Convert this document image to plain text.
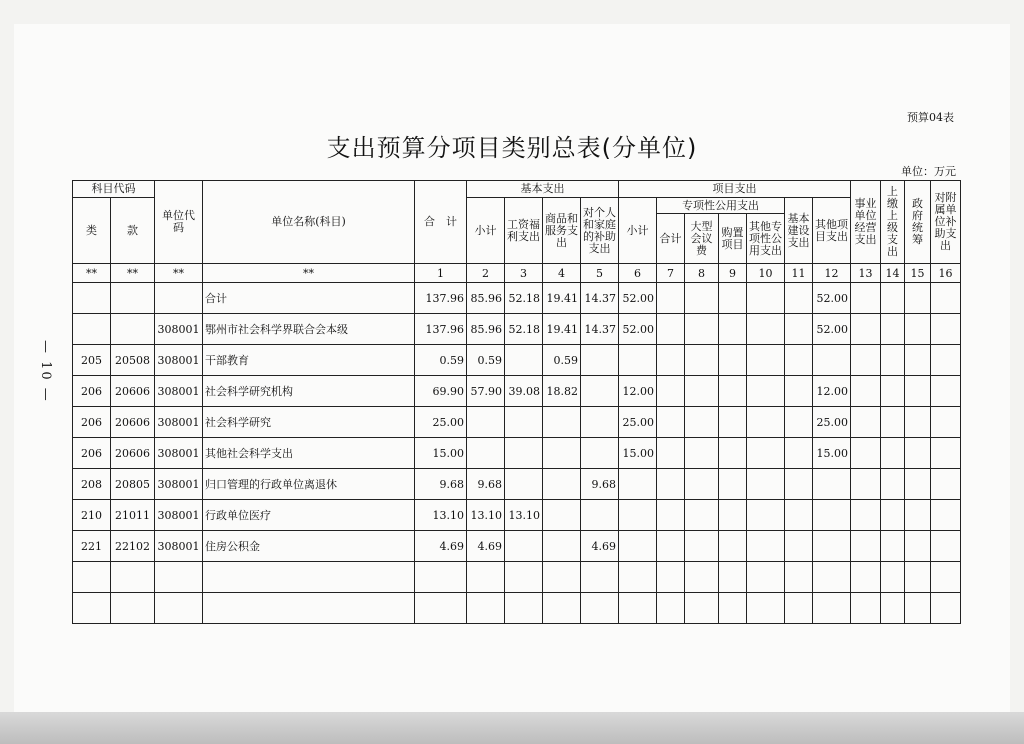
预算04表
支出预算分项目类别总表(分单位)
单位：万元
— 10 —
科目代码		单位代码	单位名称(科目)	合　计	基本支出				项目支出							事业单位经营支出	上缴上级支出	政府统筹	对附属单位补助支出
类	款				小计	工资福利支出	商品和服务支出	对个人和家庭的补助支出	小计	专项性公用支出				基本建设支出	其他项目支出				
										合计	大型会议费	购置项目	其他专项性公用支出						
**	**	**	**	1	2	3	4	5	6	7	8	9	10	11	12	13	14	15	16
			合计	137.96	85.96	52.18	19.41	14.37	52.00						52.00				
		308001	鄂州市社会科学界联合会本级	137.96	85.96	52.18	19.41	14.37	52.00						52.00				
205	20508	308001	干部教育	0.59	0.59		0.59												
206	20606	308001	社会科学研究机构	69.90	57.90	39.08	18.82		12.00						12.00				
206	20606	308001	社会科学研究	25.00					25.00						25.00				
206	20606	308001	其他社会科学支出	15.00					15.00						15.00				
208	20805	308001	归口管理的行政单位离退休	9.68	9.68			9.68											
210	21011	308001	行政单位医疗	13.10	13.10	13.10													
221	22102	308001	住房公积金	4.69	4.69			4.69											
